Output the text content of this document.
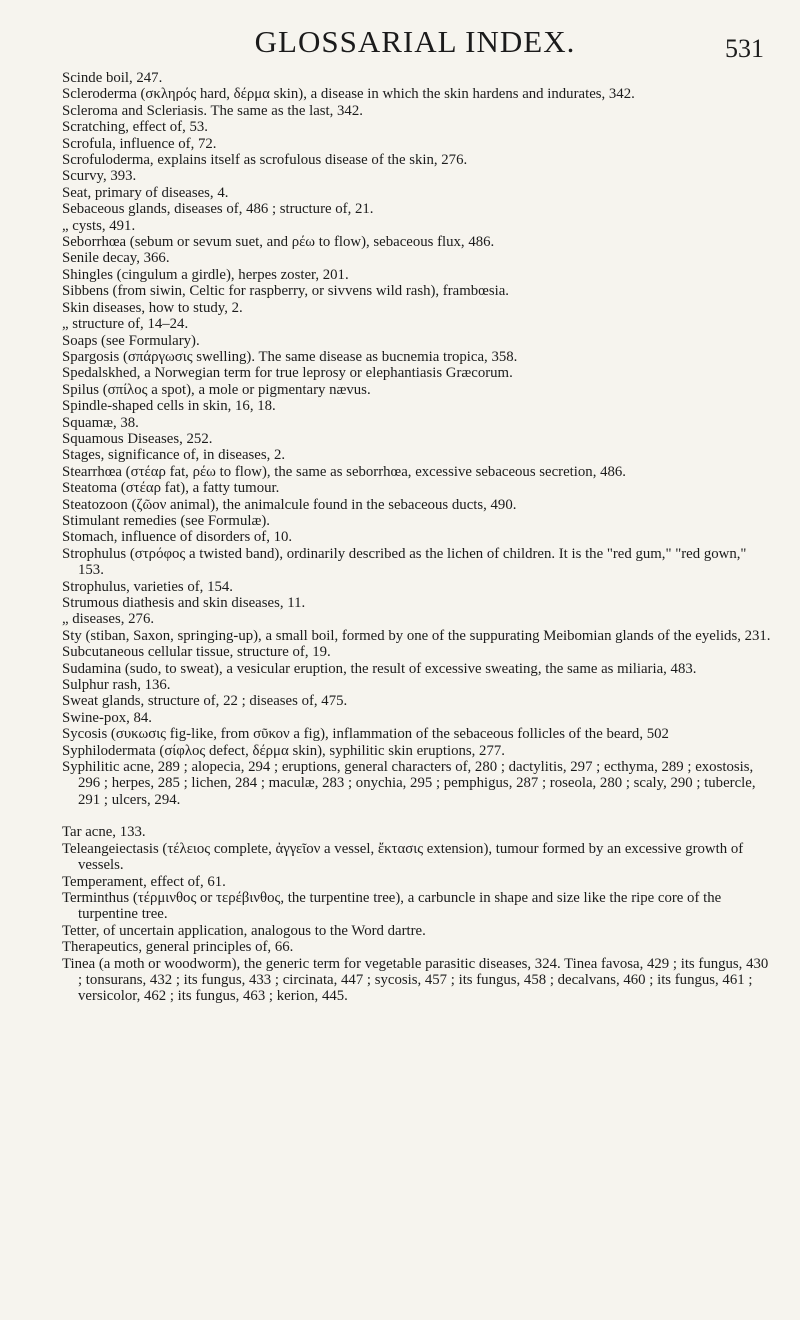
GLOSSARIAL INDEX.	531

Scinde boil, 247.

Scleroderma (σκληρός hard, δέρμα skin), a disease in which the skin hardens and indurates, 342.

Scleroma and Scleriasis. The same as the last, 342.

Scratching, effect of, 53.

Scrofula, influence of, 72.

Scrofuloderma, explains itself as scrofulous disease of the skin, 276.

Scurvy, 393.

Seat, primary of diseases, 4.

Sebaceous glands, diseases of, 486 ; structure of, 21.

„ cysts, 491.

Seborrhœa (sebum or sevum suet, and ρέω to flow), sebaceous flux, 486.

Senile decay, 366.

Shingles (cingulum a girdle), herpes zoster, 201.

Sibbens (from siwin, Celtic for raspberry, or sivvens wild rash), frambœsia.

Skin diseases, how to study, 2.

„ structure of, 14–24.

Soaps (see Formulary).

Spargosis (σπάργωσις swelling). The same disease as bucnemia tropica, 358.

Spedalskhed, a Norwegian term for true leprosy or elephantiasis Græcorum.

Spilus (σπίλος a spot), a mole or pigmentary nævus.

Spindle-shaped cells in skin, 16, 18.

Squamæ, 38.

Squamous Diseases, 252.

Stages, significance of, in diseases, 2.

Stearrhœa (στέαρ fat, ρέω to flow), the same as seborrhœa, excessive sebaceous secretion, 486.

Steatoma (στέαρ fat), a fatty tumour.

Steatozoon (ζῶον animal), the animalcule found in the sebaceous ducts, 490.

Stimulant remedies (see Formulæ).

Stomach, influence of disorders of, 10.

Strophulus (στρόφος a twisted band), ordinarily described as the lichen of children. It is the "red gum," "red gown," 153.

Strophulus, varieties of, 154.

Strumous diathesis and skin diseases, 11.

„ diseases, 276.

Sty (stiban, Saxon, springing-up), a small boil, formed by one of the suppurating Meibomian glands of the eyelids, 231.

Subcutaneous cellular tissue, structure of, 19.

Sudamina (sudo, to sweat), a vesicular eruption, the result of excessive sweating, the same as miliaria, 483.

Sulphur rash, 136.

Sweat glands, structure of, 22 ; diseases of, 475.

Swine-pox, 84.

Sycosis (συκωσις fig-like, from σῦκον a fig), inflammation of the sebaceous follicles of the beard, 502

Syphilodermata (σίφλος defect, δέρμα skin), syphilitic skin eruptions, 277.

Syphilitic acne, 289 ; alopecia, 294 ; eruptions, general characters of, 280 ; dactylitis, 297 ; ecthyma, 289 ; exostosis, 296 ; herpes, 285 ; lichen, 284 ; maculæ, 283 ; onychia, 295 ; pemphigus, 287 ; roseola, 280 ; scaly, 290 ; tubercle, 291 ; ulcers, 294.

Tar acne, 133.

Teleangeiectasis (τέλειος complete, ἀγγεῖον a vessel, ἔκτασις extension), tumour formed by an excessive growth of vessels.

Temperament, effect of, 61.

Terminthus (τέρμινθος or τερέβινθος, the turpentine tree), a carbuncle in shape and size like the ripe core of the turpentine tree.

Tetter, of uncertain application, analogous to the Word dartre.

Therapeutics, general principles of, 66.

Tinea (a moth or woodworm), the generic term for vegetable parasitic diseases, 324. Tinea favosa, 429 ; its fungus, 430 ; tonsurans, 432 ; its fungus, 433 ; circinata, 447 ; sycosis, 457 ; its fungus, 458 ; decalvans, 460 ; its fungus, 461 ; versicolor, 462 ; its fungus, 463 ; kerion, 445.
